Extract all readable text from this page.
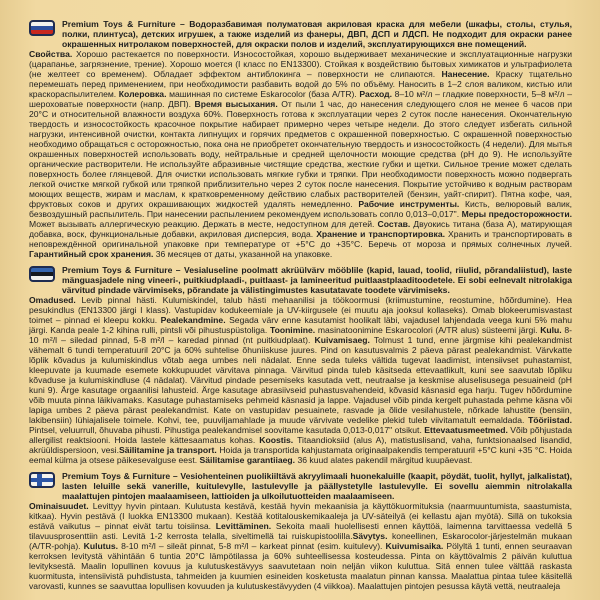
Premium Toys & Furniture – Водоразбавимая полуматовая акриловая краска для мебели (шкафы, столы, стулья, полки, плинтуса), детских игрушек, а также изделий из фанеры, ДВП, ДСП и ЛДСП. Не подходит для окраски ранее окрашенных нитролаком поверхностей, для окраски полов и изделий, эксплуатирующихся вне помещений.

Свойства. Хорошо растекается по поверхности. Износостойкая, хорошо выдерживает механические и эксплуатационные нагрузки (царапанье, загрязнение, трение). Хорошо моется (I класс по EN13300). Стойкая к воздействию бытовых химикатов и ультрафиолета (не желтеет со временем). Обладает эффектом антиблокинга – поверхности не слипаются. Нанесение. Краску тщательно перемешать перед применением, при необходимости разбавить водой до 5% по объёму. Наносить в 1–2 слоя валиком, кистью или краскораспылителем. Колеровка. машинная по системе Eskarocolor (база A/TR). Расход. 8–10 м²/л – гладкие поверхности, 5–8 м²/л –шероховатые поверхности (напр. ДВП). Время высыхания. От пыли 1 час, до нанесения следующего слоя не менее 6 часов при 20°C и относительной влажности воздуха 60%. Поверхность готова к эксплуатации через 2 суток после нанесения. Окончательную твердость и износостойкость красочное покрытие набирает примерно через четыре недели. До этого следует избегать сильной нагрузки, интенсивной очистки, контакта липнущих и горячих предметов с окрашенной поверхностью. С окрашенной поверхностью необходимо обращаться с осторожностью, пока она не приобретет окончательную твердость и износостойкость (4 недели). Для мытья окрашенных поверхностей использовать воду, нейтральные и средней щелочности моющие средства (pH до 9). Не используйте органические растворители. Не используйте абразивные чистящие средства, жесткие губки и щетки. Сильное трение может сделать поверхность более глянцевой. Для очистки использовать мягкие губки и тряпки. При необходимости поверхность можно подвергать легкой очистке мягкой губкой или тряпкой приблизительно через 2 суток после нанесения. Покрытие устойчиво к водным растворам моющих веществ, жирам и маслам, к кратковременному действию слабых растворителей (бензин, уайт-спирит). Пятна кофе, чая, фруктовых соков и других окрашивающих жидкостей удалять немедленно. Рабочие инструменты. Кисть, велюровый валик, безвоздушный распылитель. При нанесении распылением рекомендуем использовать сопло 0,013–0,017". Меры предосторожности. Может вызывать аллергическую реакцию. Держать в месте, недоступном для детей. Состав. Двуокись титана (база А), матирующая добавка, воск, функциональные добавки, акриловая дисперсия, вода. Хранение и транспортировка. Хранить и транспортировать в неповреждённой оригинальной упаковке при температуре от +5°С до +35°С. Беречь от мороза и прямых солнечных лучей. Гарантийный срок хранения. 36 месяцев от даты, указанной на упаковке.

Premium Toys & Furniture – Vesialuseline poolmatt akrüülvärv mööblile (kapid, lauad, toolid, riiulid, põrandaliistud), laste mänguasjadele ning vineeri-, puitkiudplaadi-, puitlaast- ja lamineeritud puitlaastplaaditoodetele. Ei sobi eelnevalt nitrolakiga värvitud pindade värvimiseks, põrandate ja välistingimustes kasutatavate toodete värvimiseks.

Omadused. Levib pinnal hästi. Kulumiskindel, talub hästi mehaanilisi ja töökoormusi (kriimustumine, reostumine, hõõrdumine). Hea pesukindlus (EN13300 järgi I klass). Vastupidav kodukeemiale ja UV-kiirgusele (ei muutu aja jooksul kollaseks). Omab blokeerumisvastast toimet – pinnad ei kleepu kokku. Pealekandmine. Segada värv enne kasutamist hoolikalt läbi, vajadusel lahjendada veega kuni 5% mahu järgi. Kanda peale 1-2 kihina rulli, pintsli või pihustuspüstoliga. Toonimine. masinatoonimine Eskarocolori (A/TR alus) süsteemi järgi. Kulu. 8-10 m²/l – siledad pinnad, 5-8 m²/l – karedad pinnad (nt puitkiudplaat). Kuivamisaeg. Tolmust 1 tund, enne järgmise kihi pealekandmist vähemalt 6 tundi temperatuuril 20°C ja 60% suhtelise õhuniiskuse juures. Pind on kasutusvalmis 2 päeva pärast pealekandmist. Värvkatte lõplik kõvadus ja kulumiskindlus võtab aega umbes neli nädalat. Enne seda tuleks vältida tugevat laadimist, intensiivset puhastamist, kleepuvate ja kuumade esemete kokkupuudet värvitava pinnaga. Värvitud pinda tuleb käsitseda ettevaatlikult, kuni see saavutab lõpliku kõvaduse ja kulumiskindluse (4 nädalat). Värvitud pindade pesemiseks kasutada vett, neutraalse ja keskmise aluselisusega pesuaineid (pH kuni 9). Ärge kasutage orgaanilisi lahusteid. Ärge kasutage abrasiivseid puhastusvahendeid, kõvasid käsnasid ega harju. Tugev hõõrdumine võib muuta pinna läikivamaks. Kasutage puhastamiseks pehmeid käsnasid ja lappe. Vajadusel võib pinda kergelt puhastada pehme käsna või lapiga umbes 2 päeva pärast pealekandmist. Kate on vastupidav pesuainete, rasvade ja õlide vesilahustele, nõrkade lahustite (bensiin, lakibensiin) lühiajalisele toimele. Kohvi, tee, puuviljamahlade ja muude värvivate vedelike plekid tuleb viivitamatult eemaldada. Tööriistad. Pintsel, veluurrull, õhuvaba pihusti. Pihustiga pealekandmisel soovitame kasutada 0,013-0,017" otsikut. Ettevaatusmeetmed. Võib põhjustada allergilist reaktsiooni. Hoida lastele kättesaamatus kohas. Koostis. Titaandioksiid (alus A), matistuslisand, vaha, funktsionaalsed lisandid, akrüüldispersioon, vesi.Säilitamine ja transport. Hoida ja transportida kahjustamata originaalpakendis temperatuuril +5°C kuni +35 °C. Hoida eemal külma ja otsese päikesevalguse eest. Säilitamise garantiiaeg. 36 kuud alates pakendil märgitud kuupäevast.

Premium Toys & Furniture – Vesiohenteinen puolikiiltävä akryylimaali huonekaluille (kaapit, pöydät, tuolit, hyllyt, jalkalistat), lasten leluille sekä vanerille, kuitulevylle, lastulevylle ja päällystetylle lastulevylle. Ei sovellu aiemmin nitrolakalla maalattujen pintojen maalaamiseen, lattioiden ja ulkoilutuotteiden maalaamiseen.

Ominaisuudet. Levittyy hyvin pintaan. Kulutusta kestävä, kestää hyvin mekaanisia ja käyttökuormituksia (naarmuuntumista, saastumista, kitkaa). Hyvin pestävä (I luokka EN13300 mukaan). Kestää kotitalouskemikaaleja ja UV-säteilyä (ei kellastu ajan myötä). Sillä on tukoksia estävä vaikutus – pinnat eivät tartu toisiinsa. Levittäminen. Sekoita maali huolellisesti ennen käyttöä, laimenna tarvittaessa vedellä 5 tilavuusprosenttiin asti. Levitä 1-2 kerrosta telalla, siveltimellä tai ruiskupistoolilla.Sävytys. koneellinen, Eskarocolor-järjestelmän mukaan (A/TR-pohja). Kulutus. 8-10 m²/l – sileät pinnat, 5-8 m²/l – karkeat pinnat (esim. kuitulevy). Kuivumisaika. Pölyltä 1 tunti, ennen seuraavan kerroksen levitystä vähintään 6 tuntia 20°C lämpötilassa ja 60% suhteellisessa kosteudessa. Pinta on käyttövalmis 2 päivän kuluttua levityksestä. Maalin lopullinen kovuus ja kulutuskestävyys saavutetaan noin neljän viikon kuluttua. Sitä ennen tulee välttää raskasta kuormitusta, intensiivistä puhdistusta, tahmeiden ja kuumien esineiden kosketusta maalatun pinnan kanssa. Maalattua pintaa tulee käsitellä varovasti, kunnes se saavuttaa lopullisen kovuuden ja kulutuskestävyyden (4 viikkoa). Maalattujen pintojen pesussa käytä vettä, neutraaleja
